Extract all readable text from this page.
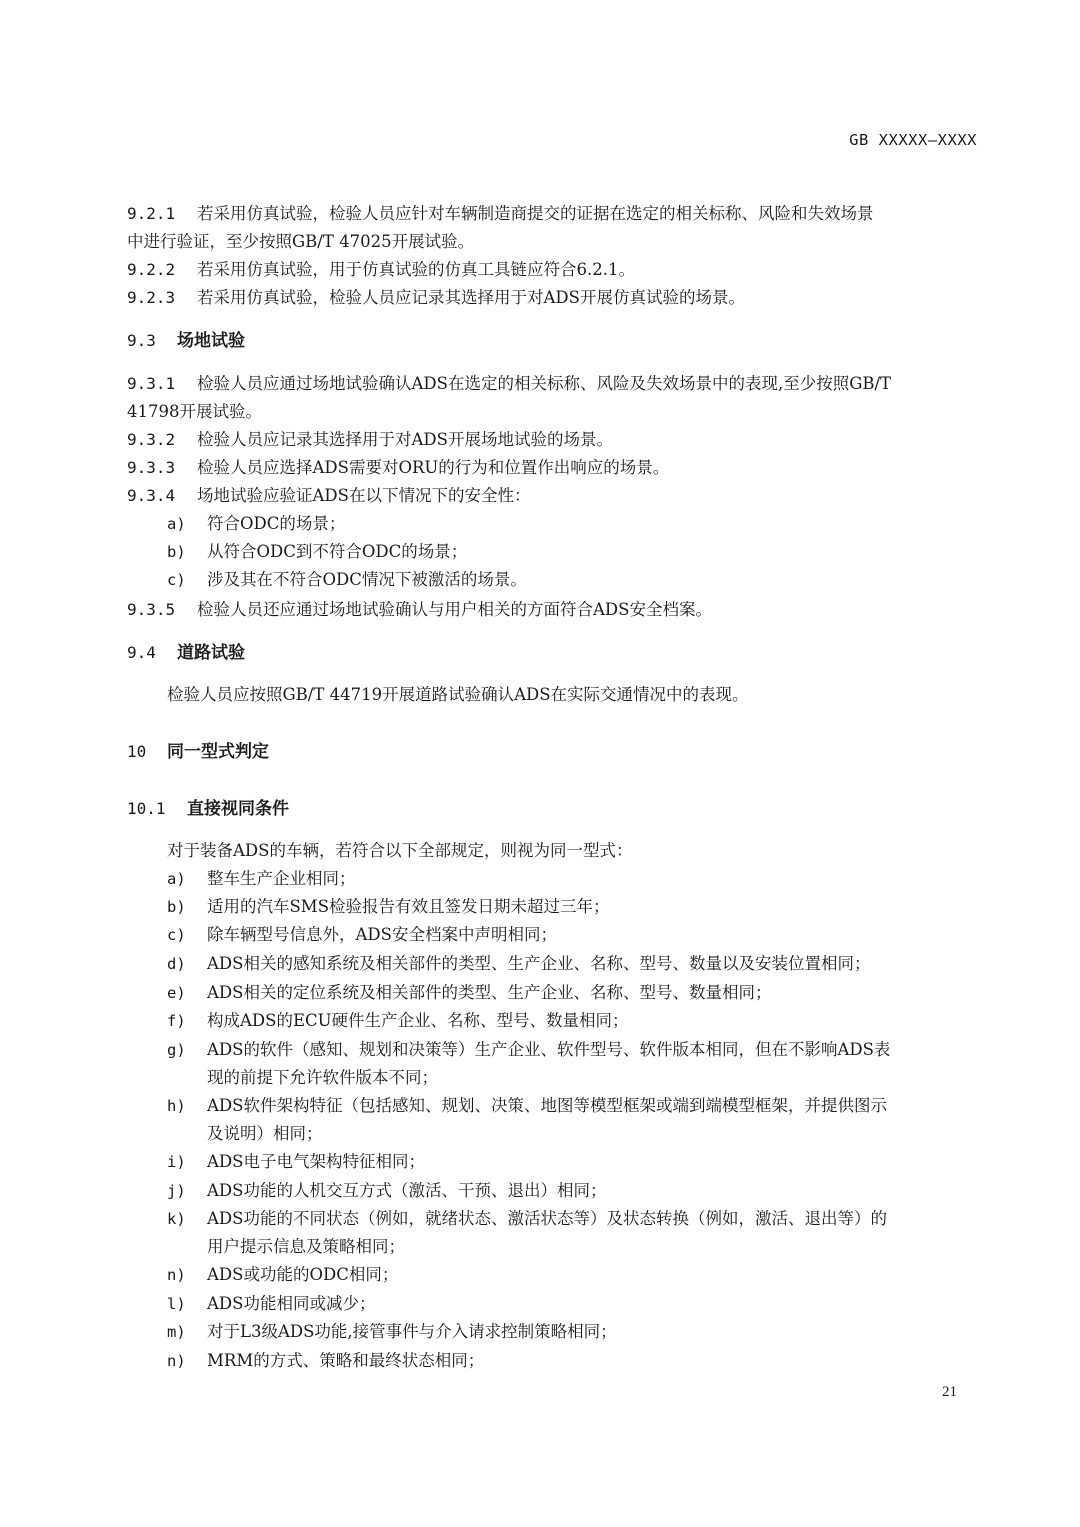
GB XXXXX—XXXX
9.2.1 若采用仿真试验，检验人员应针对车辆制造商提交的证据在选定的相关标称、风险和失效场景
中进行验证，至少按照GB/T 47025开展试验。
9.2.2 若采用仿真试验，用于仿真试验的仿真工具链应符合6.2.1。
9.2.3 若采用仿真试验，检验人员应记录其选择用于对ADS开展仿真试验的场景。
9.3 场地试验
9.3.1 检验人员应通过场地试验确认ADS在选定的相关标称、风险及失效场景中的表现,至少按照GB/T
41798开展试验。
9.3.2 检验人员应记录其选择用于对ADS开展场地试验的场景。
9.3.3 检验人员应选择ADS需要对ORU的行为和位置作出响应的场景。
9.3.4 场地试验应验证ADS在以下情况下的安全性：
a) 符合ODC的场景；
b) 从符合ODC到不符合ODC的场景；
c) 涉及其在不符合ODC情况下被激活的场景。
9.3.5 检验人员还应通过场地试验确认与用户相关的方面符合ADS安全档案。
9.4 道路试验
检验人员应按照GB/T 44719开展道路试验确认ADS在实际交通情况中的表现。
10 同一型式判定
10.1 直接视同条件
对于装备ADS的车辆，若符合以下全部规定，则视为同一型式：
a) 整车生产企业相同；
b) 适用的汽车SMS检验报告有效且签发日期未超过三年；
c) 除车辆型号信息外，ADS安全档案中声明相同；
d) ADS相关的感知系统及相关部件的类型、生产企业、名称、型号、数量以及安装位置相同；
e) ADS相关的定位系统及相关部件的类型、生产企业、名称、型号、数量相同；
f) 构成ADS的ECU硬件生产企业、名称、型号、数量相同；
g) ADS的软件（感知、规划和决策等）生产企业、软件型号、软件版本相同，但在不影响ADS表
现的前提下允许软件版本不同；
h) ADS软件架构特征（包括感知、规划、决策、地图等模型框架或端到端模型框架，并提供图示
及说明）相同；
i) ADS电子电气架构特征相同；
j) ADS功能的人机交互方式（激活、干预、退出）相同；
k) ADS功能的不同状态（例如，就绪状态、激活状态等）及状态转换（例如，激活、退出等）的
用户提示信息及策略相同；
n) ADS或功能的ODC相同；
l) ADS功能相同或减少；
m) 对于L3级ADS功能,接管事件与介入请求控制策略相同；
n) MRM的方式、策略和最终状态相同；
21
